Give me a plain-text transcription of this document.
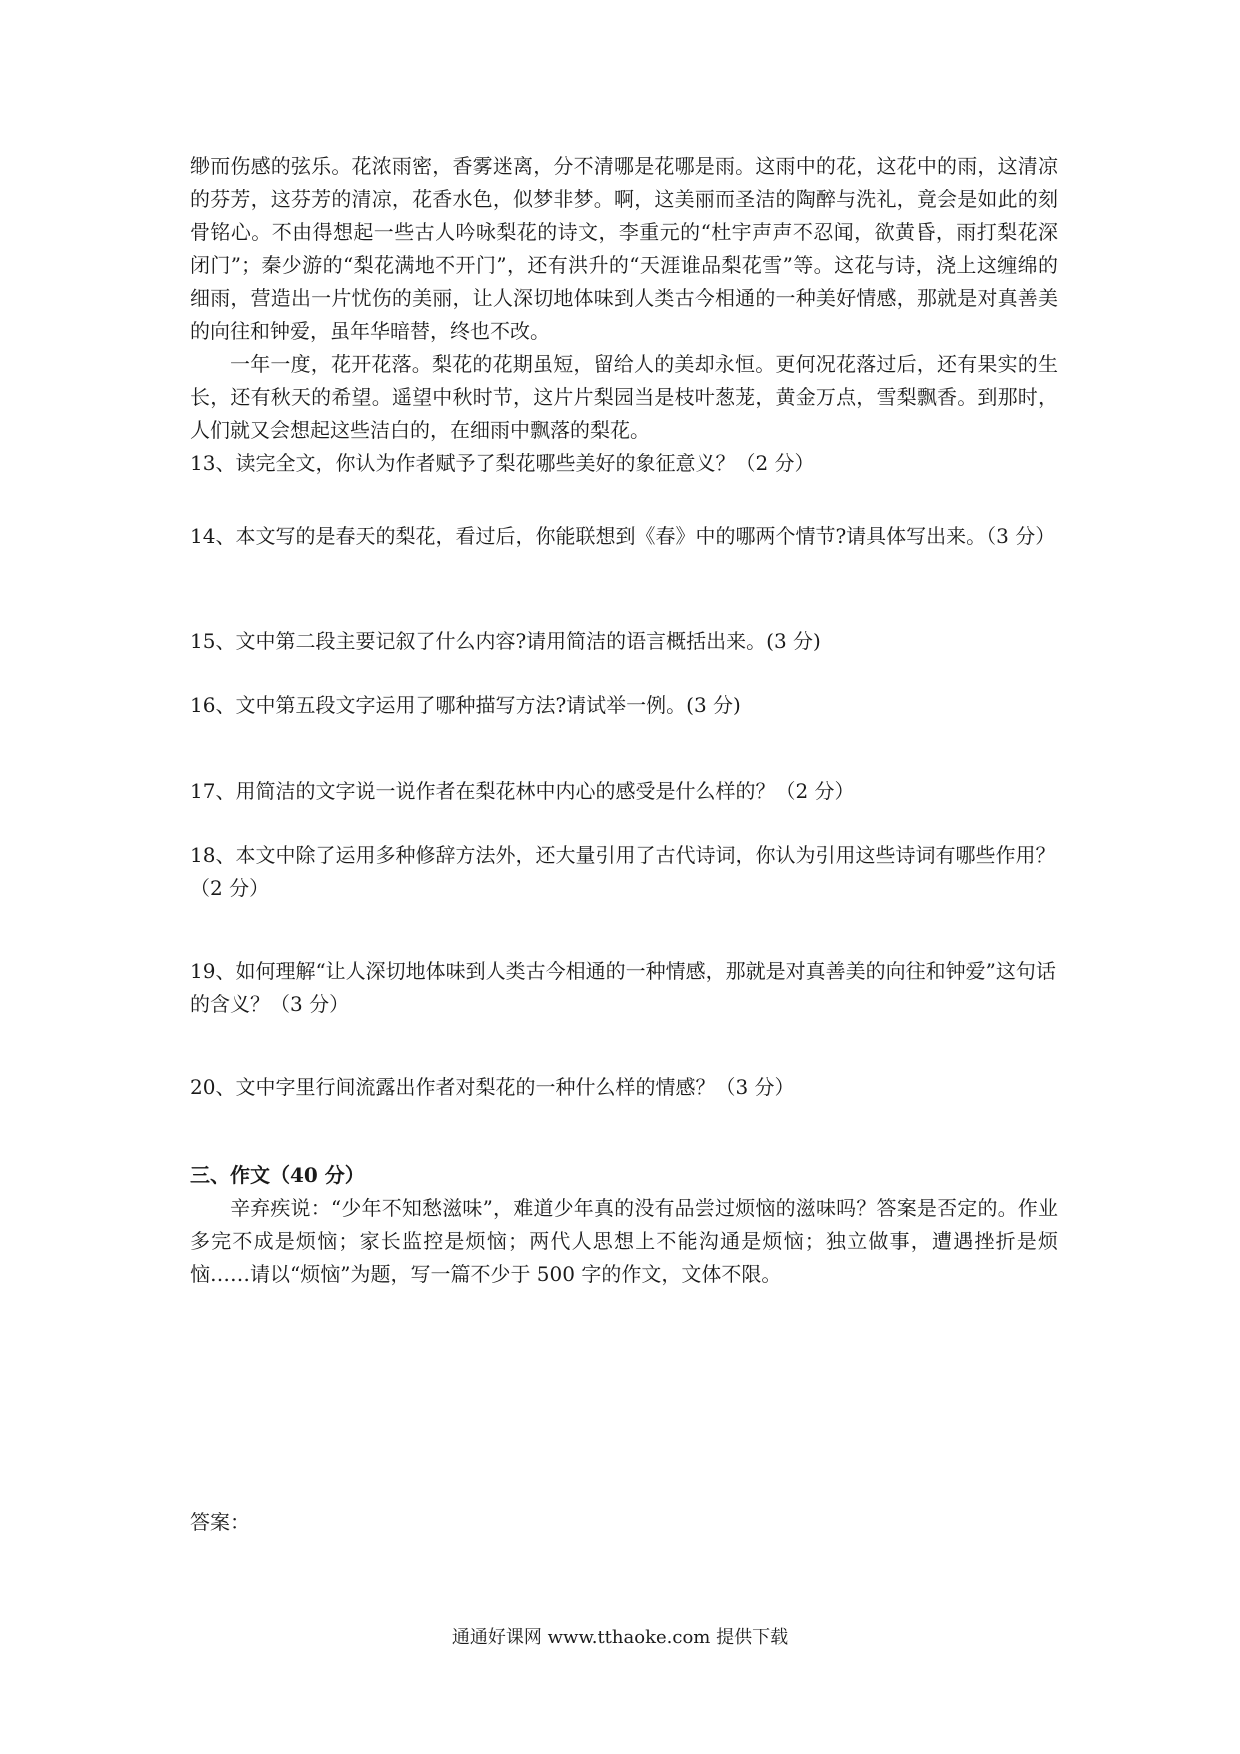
缈而伤感的弦乐。花浓雨密，香雾迷离，分不清哪是花哪是雨。这雨中的花，这花中的雨，这清凉的芬芳，这芬芳的清凉，花香水色，似梦非梦。啊，这美丽而圣洁的陶醉与洗礼，竟会是如此的刻骨铭心。不由得想起一些古人吟咏梨花的诗文，李重元的“杜宇声声不忍闻，欲黄昏，雨打梨花深闭门”；秦少游的“梨花满地不开门”，还有洪升的“天涯谁品梨花雪”等。这花与诗，浇上这缠绵的细雨，营造出一片忧伤的美丽，让人深切地体味到人类古今相通的一种美好情感，那就是对真善美的向往和钟爱，虽年华暗替，终也不改。

一年一度，花开花落。梨花的花期虽短，留给人的美却永恒。更何况花落过后，还有果实的生长，还有秋天的希望。遥望中秋时节，这片片梨园当是枝叶葱茏，黄金万点，雪梨飘香。到那时，人们就又会想起这些洁白的，在细雨中飘落的梨花。

13、读完全文，你认为作者赋予了梨花哪些美好的象征意义？（2 分）

14、本文写的是春天的梨花，看过后，你能联想到《春》中的哪两个情节?请具体写出来。（3 分）

15、文中第二段主要记叙了什么内容?请用简洁的语言概括出来。(3 分)

16、文中第五段文字运用了哪种描写方法?请试举一例。(3 分)

17、用简洁的文字说一说作者在梨花林中内心的感受是什么样的？（2 分）

18、本文中除了运用多种修辞方法外，还大量引用了古代诗词，你认为引用这些诗词有哪些作用？（2 分）

19、如何理解“让人深切地体味到人类古今相通的一种情感，那就是对真善美的向往和钟爱”这句话的含义？（3 分）

20、文中字里行间流露出作者对梨花的一种什么样的情感？（3 分）

三、作文（40 分）

辛弃疾说：“少年不知愁滋味”，难道少年真的没有品尝过烦恼的滋味吗？答案是否定的。作业多完不成是烦恼；家长监控是烦恼；两代人思想上不能沟通是烦恼；独立做事，遭遇挫折是烦恼……请以“烦恼”为题，写一篇不少于 500 字的作文，文体不限。

答案：

通通好课网 www.tthaoke.com 提供下载
